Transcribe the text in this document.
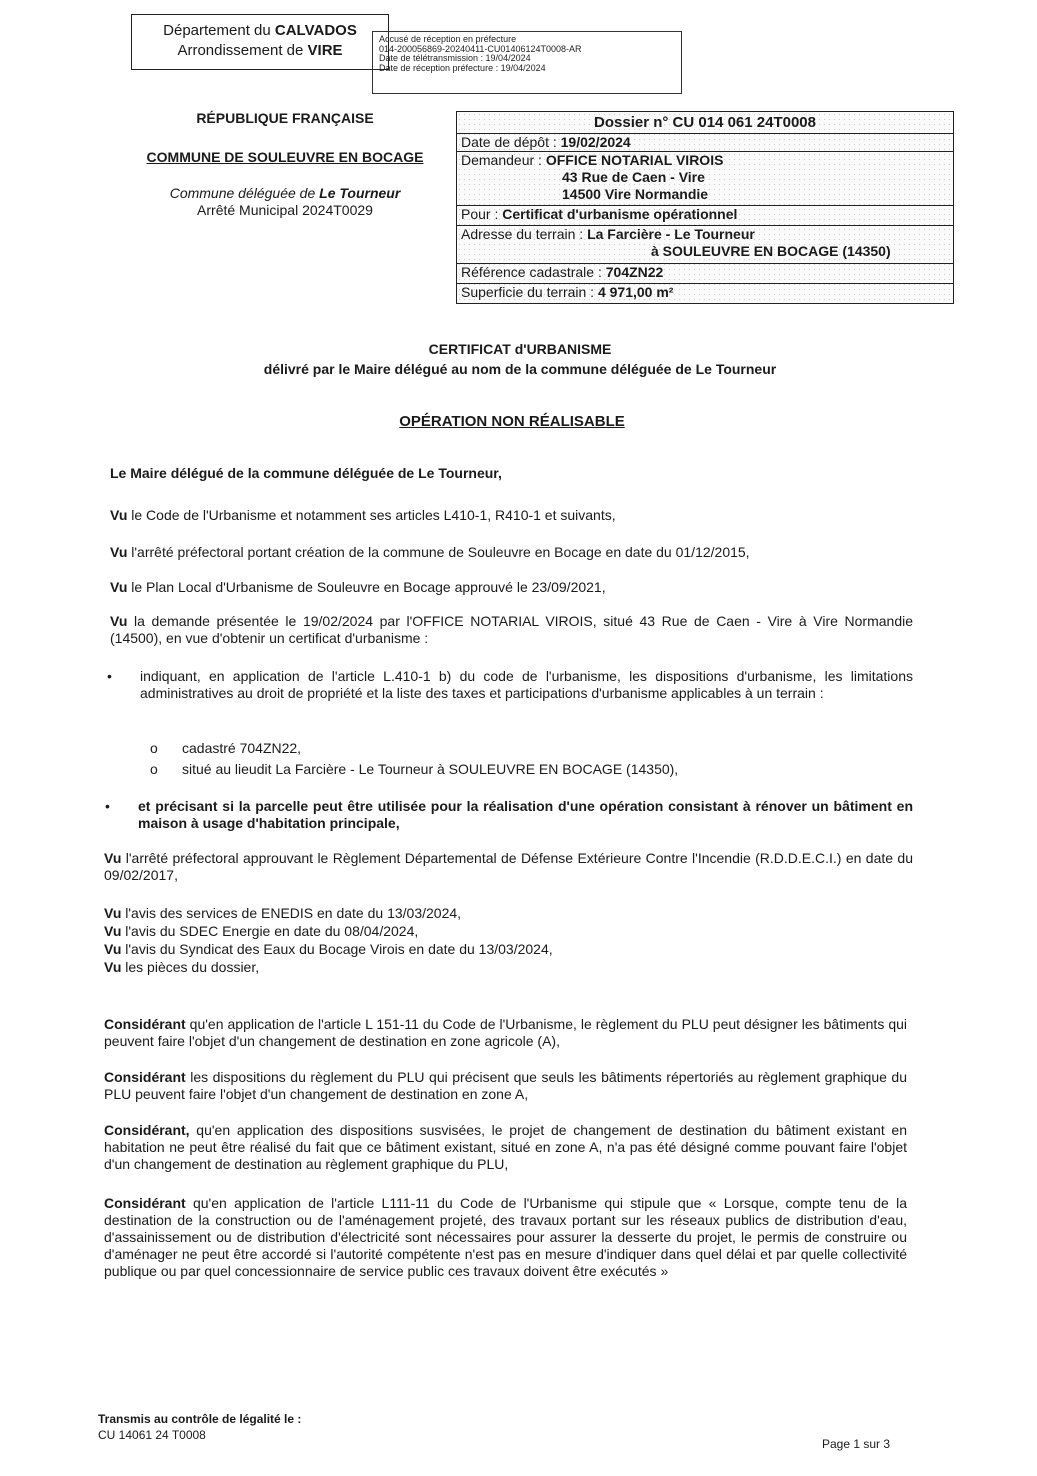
Département du CALVADOS
Arrondissement de VIRE
Accusé de réception en préfecture
014-200056869-20240411-CU01406124T0008-AR
Date de télétransmission : 19/04/2024
Date de réception préfecture : 19/04/2024
RÉPUBLIQUE FRANÇAISE
COMMUNE DE SOULEUVRE EN BOCAGE
Commune déléguée de Le Tourneur
Arrêté Municipal 2024T0029
Dossier n° CU 014 061 24T0008
Date de dépôt : 19/02/2024
Demandeur : OFFICE NOTARIAL VIROIS
43 Rue de Caen - Vire
14500 Vire Normandie
Pour : Certificat d'urbanisme opérationnel
Adresse du terrain : La Farcière - Le Tourneur
à SOULEUVRE EN BOCAGE (14350)
Référence cadastrale : 704ZN22
Superficie du terrain : 4 971,00 m²
CERTIFICAT d'URBANISME
délivré par le Maire délégué au nom de la commune déléguée de Le Tourneur
OPÉRATION NON RÉALISABLE
Le Maire délégué de la commune déléguée de Le Tourneur,
Vu le Code de l'Urbanisme et notamment ses articles L410-1, R410-1 et suivants,
Vu l'arrêté préfectoral portant création de la commune de Souleuvre en Bocage en date du 01/12/2015,
Vu le Plan Local d'Urbanisme de Souleuvre en Bocage approuvé le 23/09/2021,
Vu la demande présentée le 19/02/2024 par l'OFFICE NOTARIAL VIROIS, situé 43 Rue de Caen - Vire à Vire Normandie (14500), en vue d'obtenir un certificat d'urbanisme :
• indiquant, en application de l'article L.410-1 b) du code de l'urbanisme, les dispositions d'urbanisme, les limitations administratives au droit de propriété et la liste des taxes et participations d'urbanisme applicables à un terrain :
o cadastré 704ZN22,
o situé au lieudit La Farcière - Le Tourneur à SOULEUVRE EN BOCAGE (14350),
• et précisant si la parcelle peut être utilisée pour la réalisation d'une opération consistant à rénover un bâtiment en maison à usage d'habitation principale,
Vu l'arrêté préfectoral approuvant le Règlement Départemental de Défense Extérieure Contre l'Incendie (R.D.D.E.C.I.) en date du 09/02/2017,
Vu l'avis des services de ENEDIS en date du 13/03/2024,
Vu l'avis du SDEC Energie en date du 08/04/2024,
Vu l'avis du Syndicat des Eaux du Bocage Virois en date du 13/03/2024,
Vu les pièces du dossier,
Considérant qu'en application de l'article L 151-11 du Code de l'Urbanisme, le règlement du PLU peut désigner les bâtiments qui peuvent faire l'objet d'un changement de destination en zone agricole (A),
Considérant les dispositions du règlement du PLU qui précisent que seuls les bâtiments répertoriés au règlement graphique du PLU peuvent faire l'objet d'un changement de destination en zone A,
Considérant, qu'en application des dispositions susvisées, le projet de changement de destination du bâtiment existant en habitation ne peut être réalisé du fait que ce bâtiment existant, situé en zone A, n'a pas été désigné comme pouvant faire l'objet d'un changement de destination au règlement graphique du PLU,
Considérant qu'en application de l'article L111-11 du Code de l'Urbanisme qui stipule que « Lorsque, compte tenu de la destination de la construction ou de l'aménagement projeté, des travaux portant sur les réseaux publics de distribution d'eau, d'assainissement ou de distribution d'électricité sont nécessaires pour assurer la desserte du projet, le permis de construire ou d'aménager ne peut être accordé si l'autorité compétente n'est pas en mesure d'indiquer dans quel délai et par quelle collectivité publique ou par quel concessionnaire de service public ces travaux doivent être exécutés »
Transmis au contrôle de légalité le :
CU 14061 24 T0008
Page 1 sur 3
